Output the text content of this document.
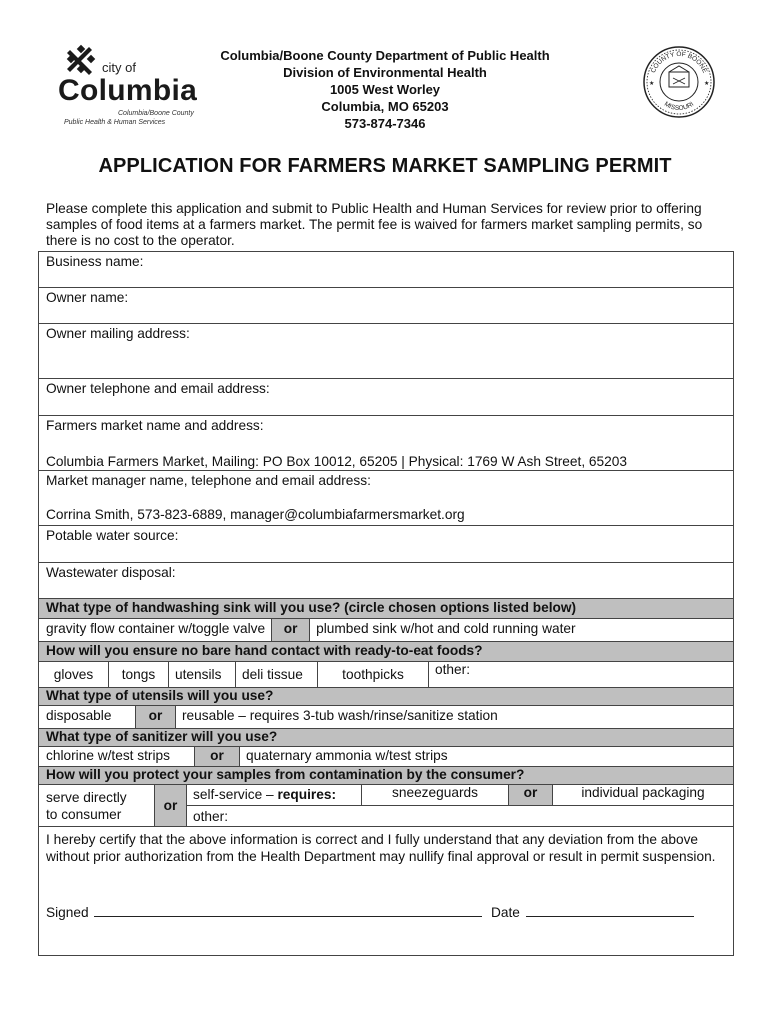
city of
Columbia
Columbia/Boone County
Public Health & Human Services
Columbia/Boone County Department of Public Health
Division of Environmental Health
1005 West Worley
Columbia, MO 65203
573-874-7346
COUNTY OF BOONE
MISSOURI
★	★
APPLICATION FOR FARMERS MARKET SAMPLING PERMIT
Please complete this application and submit to Public Health and Human Services for review prior to offering samples of food items at a farmers market. The permit fee is waived for farmers market sampling permits, so there is no cost to the operator.
Business name:
Owner name:
Owner mailing address:
Owner telephone and email address:
Farmers market name and address:
Columbia Farmers Market, Mailing: PO Box 10012, 65205 | Physical: 1769 W Ash Street, 65203
Market manager name, telephone and email address:
Corrina Smith, 573-823-6889, manager@columbiafarmersmarket.org
Potable water source:
Wastewater disposal:
What type of handwashing sink will you use? (circle chosen options listed below)
gravity flow container w/toggle valve	or	plumbed sink w/hot and cold running water
How will you ensure no bare hand contact with ready-to-eat foods?
gloves	tongs	utensils	deli tissue	toothpicks	other:
What type of utensils will you use?
disposable	or	reusable – requires 3-tub wash/rinse/sanitize station
What type of sanitizer will you use?
chlorine w/test strips	or	quaternary ammonia w/test strips
How will you protect your samples from contamination by the consumer?
serve directly
to consumer
or
self-service – requires:	sneezeguards	or	individual packaging
other:
I hereby certify that the above information is correct and I fully understand that any deviation from the above without prior authorization from the Health Department may nullify final approval or result in permit suspension.
Signed	Date
